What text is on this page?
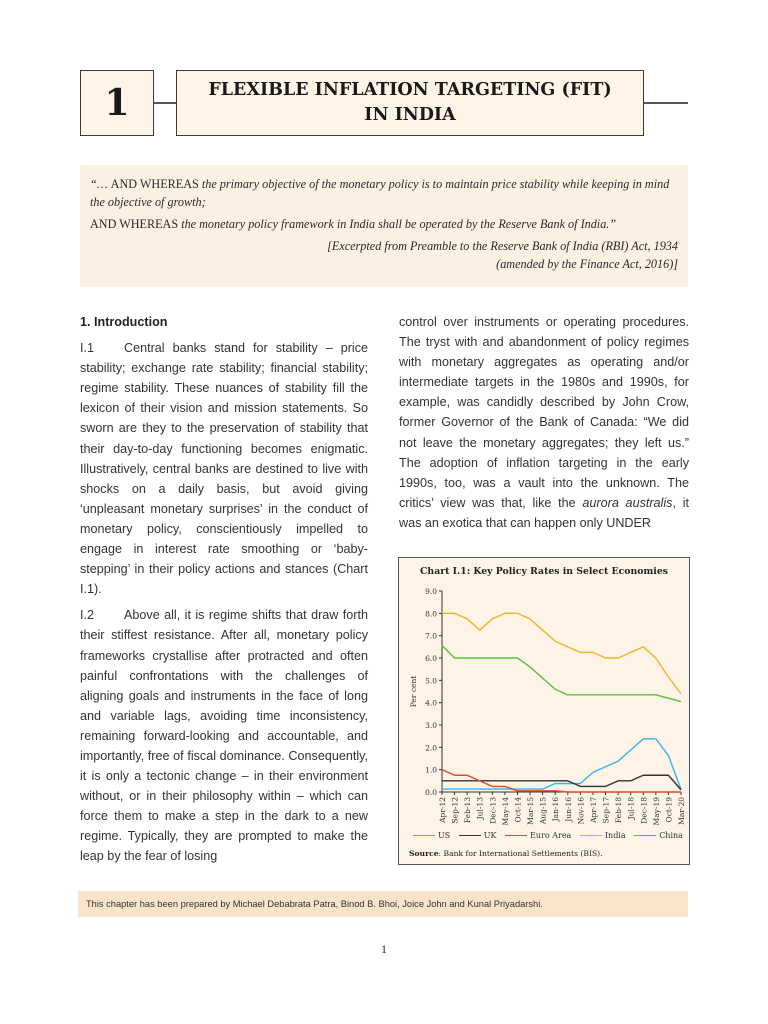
1	FLEXIBLE INFLATION TARGETING (FIT)
IN INDIA

“… AND WHEREAS the primary objective of the monetary policy is to maintain price stability while keeping in mind the objective of growth;

AND WHEREAS the monetary policy framework in India shall be operated by the Reserve Bank of India.”

[Excerpted from Preamble to the Reserve Bank of India (RBI) Act, 1934

(amended by the Finance Act, 2016)]

1. Introduction

I.1 Central banks stand for stability – price stability; exchange rate stability; financial stability; regime stability. These nuances of stability fill the lexicon of their vision and mission statements. So sworn are they to the preservation of stability that their day-to-day functioning becomes enigmatic. Illustratively, central banks are destined to live with shocks on a daily basis, but avoid giving ‘unpleasant monetary surprises’ in the conduct of monetary policy, conscientiously impelled to engage in interest rate smoothing or ‘baby-stepping’ in their policy actions and stances (Chart I.1).

I.2 Above all, it is regime shifts that draw forth their stiffest resistance. After all, monetary policy frameworks crystallise after protracted and often painful confrontations with the challenges of aligning goals and instruments in the face of long and variable lags, avoiding time inconsistency, remaining forward-looking and accountable, and importantly, free of fiscal dominance. Consequently, it is only a tectonic change – in their environment without, or in their philosophy within – which can force them to make a step in the dark to a new regime. Typically, they are prompted to make the leap by the fear of losing

control over instruments or operating procedures. The tryst with and abandonment of policy regimes with monetary aggregates as operating and/or intermediate targets in the 1980s and 1990s, for example, was candidly described by John Crow, former Governor of the Bank of Canada: “We did not leave the monetary aggregates; they left us.” The adoption of inflation targeting in the early 1990s, too, was a vault into the unknown. The critics’ view was that, like the aurora australis, it was an exotica that can happen only UNDER

Chart I.1: Key Policy Rates in Select Economies
0.0
1.0
2.0
3.0
4.0
5.0
6.0
7.0
8.0
9.0
Per cent
Apr-12 Sep-12 Feb-13 Jul-13 Dec-13 May-14 Oct-14 Mar-15 Aug-15 Jan-16 Jun-16 Nov-16 Apr-17 Sep-17 Feb-18 Jul-18 Dec-18 May-19 Oct-19 Mar-20
US	UK	Euro Area	India	China
Source: Bank for International Settlements (BIS).
This chapter has been prepared by Michael Debabrata Patra, Binod B. Bhoi, Joice John and Kunal Priyadarshi.
1
